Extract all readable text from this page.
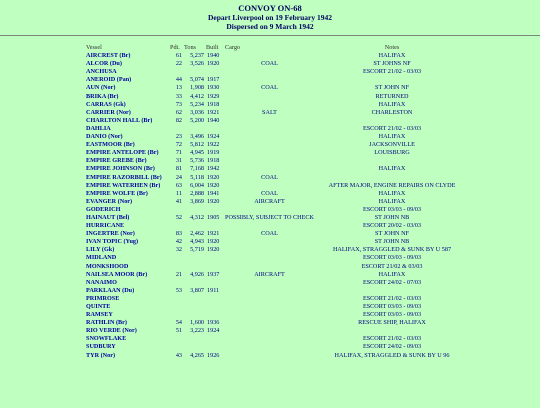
CONVOY ON-68
Depart Liverpool on 19 February 1942
Dispersed on 9 March 1942
Vessel	Pdt.	Tons	Built	Cargo	Notes
AIRCREST (Br)	61	5,237	1940		HALIFAX
ALCOR (Du)	22	3,526	1920	COAL	ST JOHNS NF
ANCHUSA					ESCORT 21/02 - 03/03
ANEROID (Pan)	44	5,074	1917		
AUN (Nor)	13	1,908	1930	COAL	ST JOHN NF
BRIKA (Br)	33	4,412	1929		RETURNED
CARRAS (Gk)	73	5,234	1918		HALIFAX
CARRIER (Nor)	62	3,036	1921	SALT	CHARLESTON
CHARLTON HALL (Br)	82	5,200	1940		
DAHLIA					ESCORT 21/02 - 03/03
DANIO (Nor)	23	3,496	1924		HALIFAX
EASTMOOR (Br)	72	5,812	1922		JACKSONVILLE
EMPIRE ANTELOPE (Br)	71	4,945	1919		LOUISBURG
EMPIRE GREBE (Br)	31	5,736	1918		
EMPIRE JOHNSON (Br)	81	7,168	1942		HALIFAX
EMPIRE RAZORBILL (Br)	24	5,118	1920	COAL	
EMPIRE WATERHEN (Br)	63	6,004	1920		AFTER MAJOR, ENGINE REPAIRS ON CLYDE
EMPIRE WOLFE (Br)	11	2,888	1941	COAL	HALIFAX
EVANGER (Nor)	41	3,869	1920	AIRCRAFT	HALIFAX
GODERICH					ESCORT 03/03 - 09/03
HAINAUT (Bel)	52	4,312	1905	POSSIBLY, SUBJECT TO CHECK	ST JOHN NB
HURRICANE					ESCORT 20/02 - 03/03
INGERTRE (Nor)	83	2,462	1921	COAL	ST JOHN NF
IVAN TOPIC (Yug)	42	4,943	1920		ST JOHN NB
LILY (Gk)	32	5,719	1920		HALIFAX, STRAGGLED & SUNK BY U 587
MIDLAND					ESCORT 03/03 - 09/03
MONKSHOOD					ESCORT 21/02 & 03/03
NAILSEA MOOR (Br)	21	4,926	1937	AIRCRAFT	HALIFAX
NANAIMO					ESCORT 24/02 - 07/03
PARKLAAN (Du)	53	3,807	1911		
PRIMROSE					ESCORT 21/02 - 03/03
QUINTE					ESCORT 03/03 - 09/03
RAMSEY					ESCORT 03/03 - 09/03
RATHLIN (Br)	54	1,600	1936		RESCUE SHIP, HALIFAX
RIO VERDE (Nor)	51	3,223	1924		
SNOWFLAKE					ESCORT 21/02 - 03/03
SUDBURY					ESCORT 24/02 - 09/03
TYR (Nor)	43	4,265	1926		HALIFAX, STRAGGLED & SUNK BY U 96
